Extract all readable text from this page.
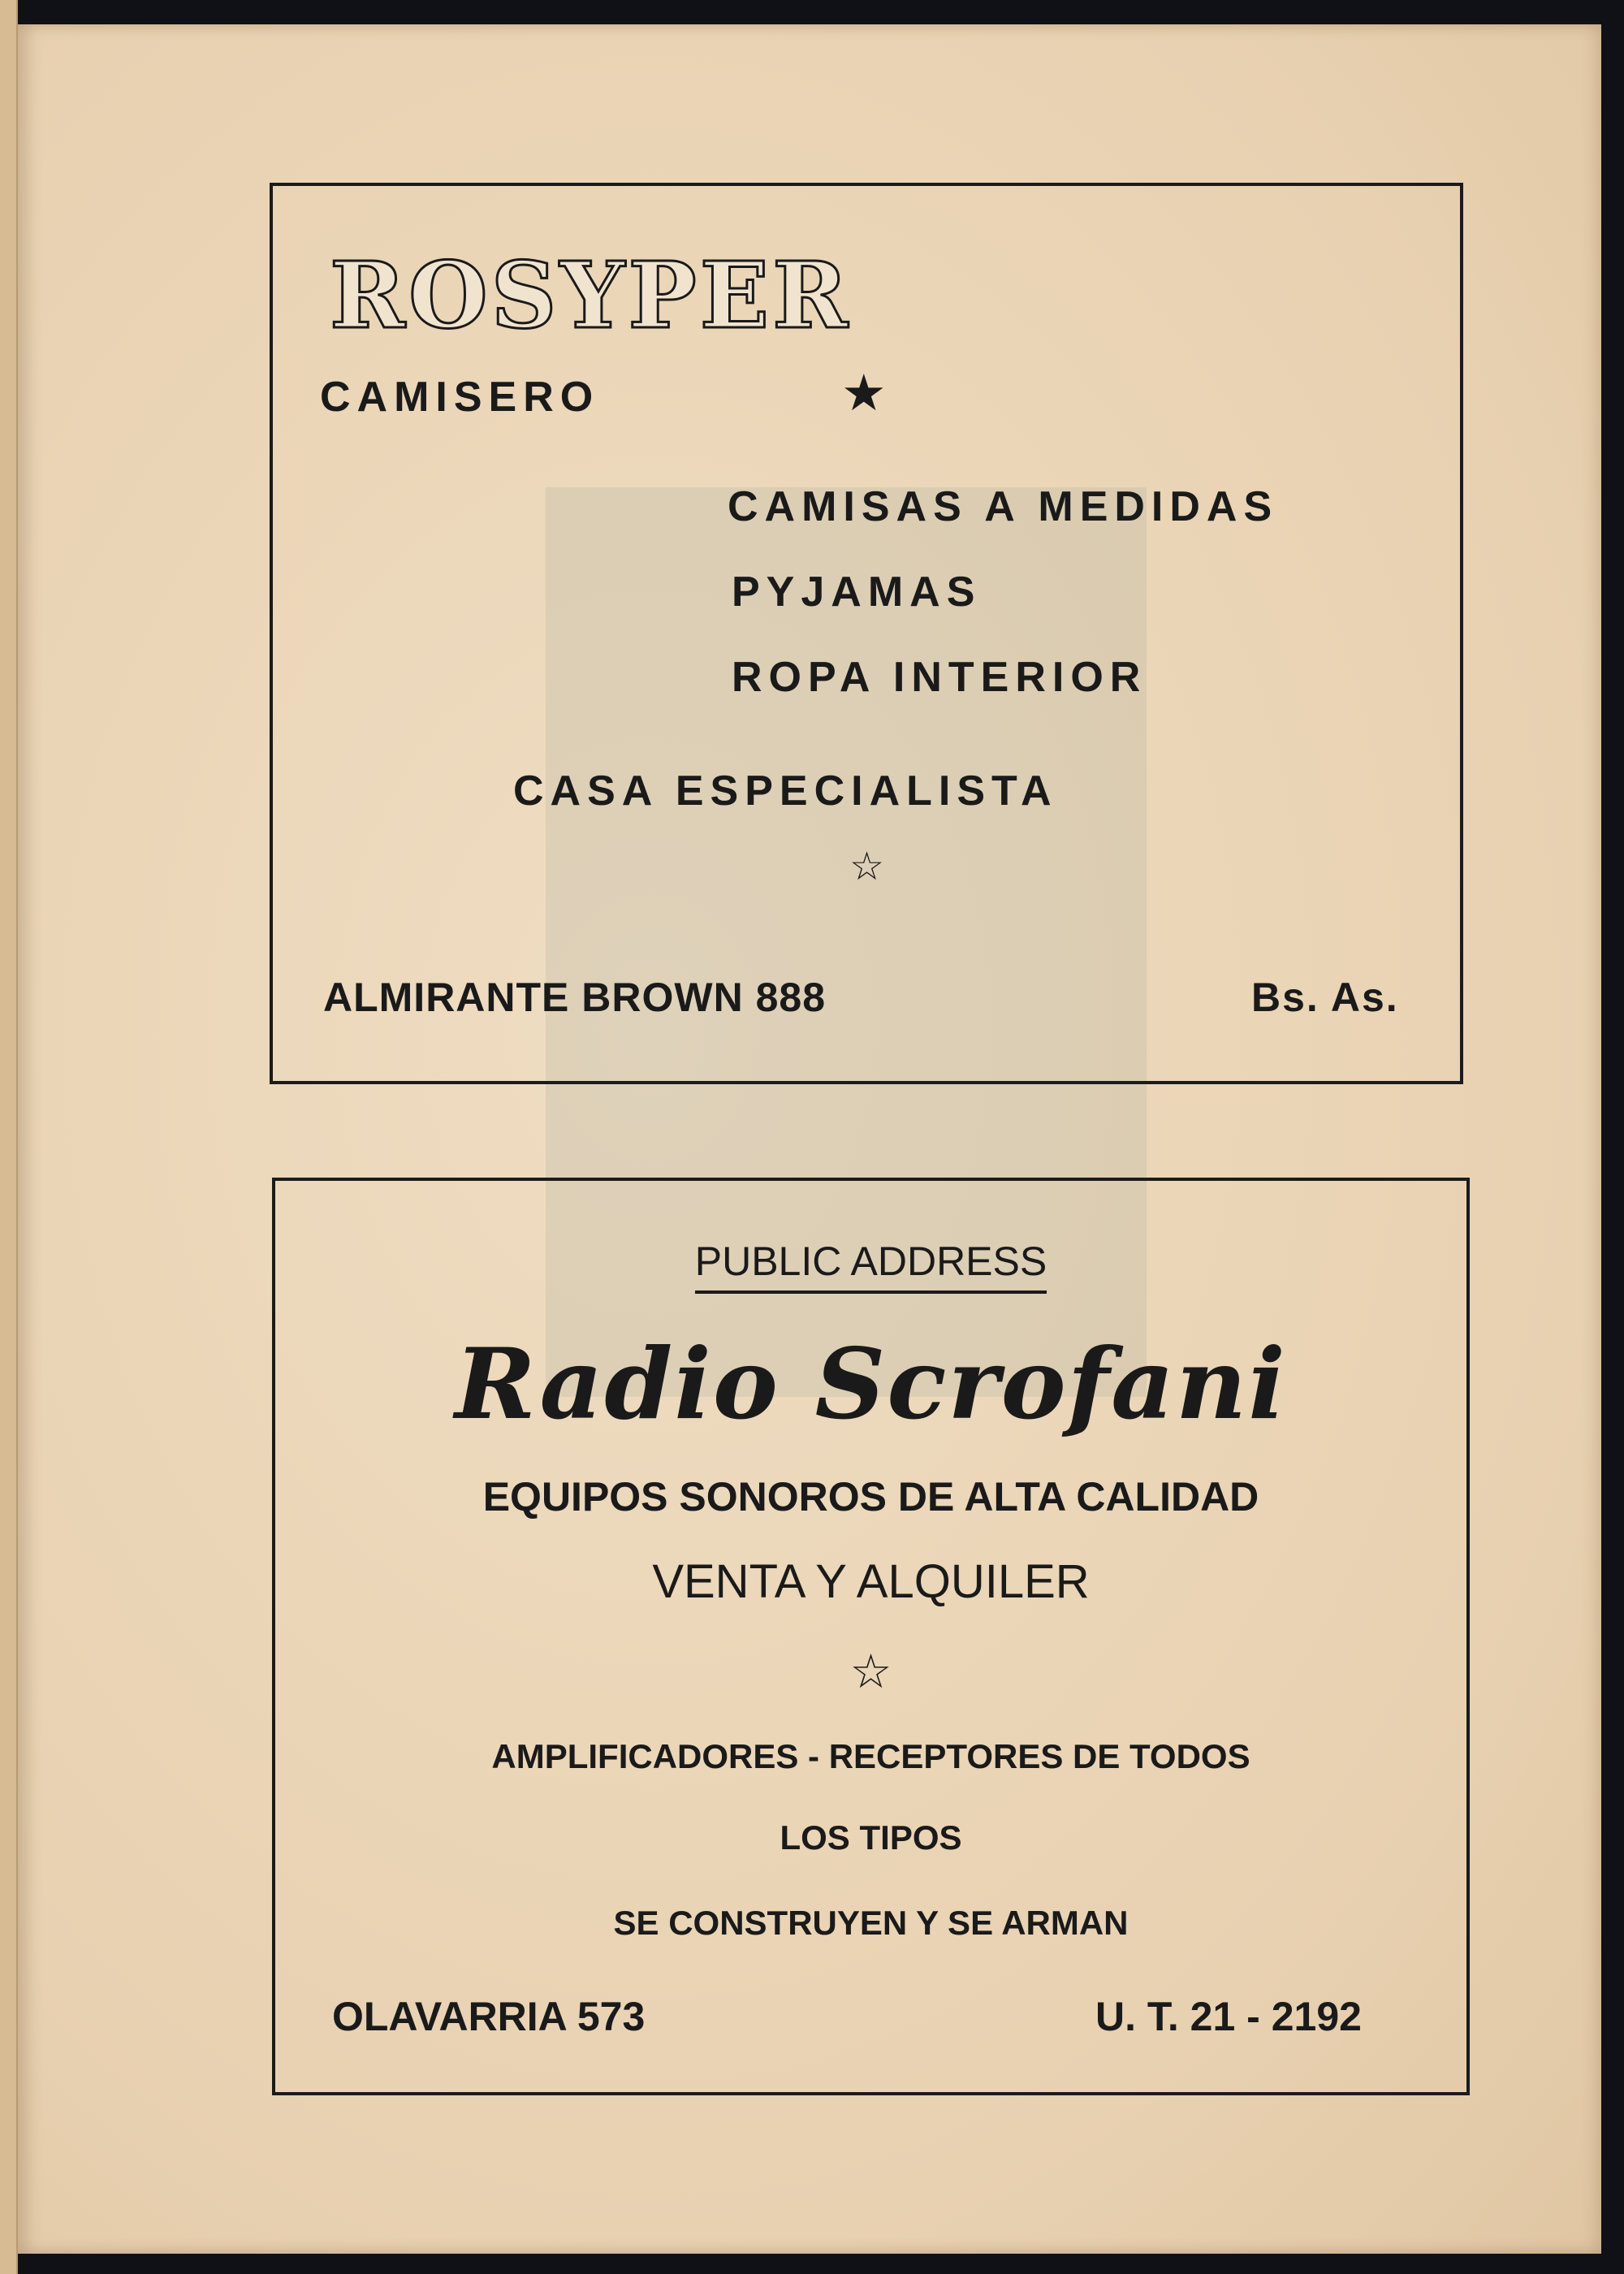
ROSYPER
CAMISERO	★
CAMISAS A MEDIDAS
PYJAMAS
ROPA INTERIOR
CASA ESPECIALISTA
☆
ALMIRANTE BROWN 888	Bs. As.
PUBLIC ADDRESS
Radio Scrofani
EQUIPOS SONOROS DE ALTA CALIDAD
VENTA Y ALQUILER
☆
AMPLIFICADORES - RECEPTORES DE TODOS
LOS TIPOS
SE CONSTRUYEN Y SE ARMAN
OLAVARRIA 573	U. T. 21 - 2192
